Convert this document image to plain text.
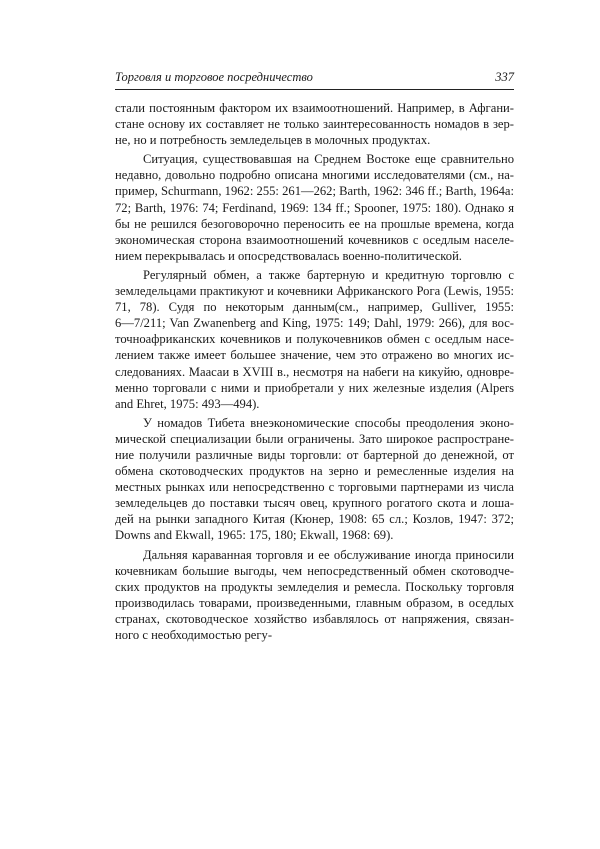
Торговля и торговое посредничество	337
стали постоянным фактором их взаимоотношений. Например, в Афгани-
стане основу их составляет не только заинтересованность номадов в зер-
не, но и потребность земледельцев в молочных продуктах.
Ситуация, существовавшая на Среднем Востоке еще сравнительно
недавно, довольно подробно описана многими исследователями (см., на-
пример, Schurmann, 1962: 255: 261—262; Barth, 1962: 346 ff.; Barth, 1964a:
72; Barth, 1976: 74; Ferdinand, 1969: 134 ff.; Spooner, 1975: 180). Однако я
бы не решился безоговорочно переносить ее на прошлые времена, когда
экономическая сторона взаимоотношений кочевников с оседлым населе-
нием перекрывалась и опосредствовалась военно-политической.
Регулярный обмен, а также бартерную и кредитную торговлю с
земледельцами практикуют и кочевники Африканского Рога (Lewis, 1955:
71, 78). Судя по некоторым данным(см., например, Gulliver, 1955:
6—7/211; Van Zwanenberg and King, 1975: 149; Dahl, 1979: 266), для вос-
точноафриканских кочевников и полукочевников обмен с оседлым насе-
лением также имеет большее значение, чем это отражено во многих ис-
следованиях. Маасаи в XVIII в., несмотря на набеги на кикуйю, одновре-
менно торговали с ними и приобретали у них железные изделия (Alpers
and Ehret, 1975: 493—494).
У номадов Тибета внеэкономические способы преодоления эконо-
мической специализации были ограничены. Зато широкое распростране-
ние получили различные виды торговли: от бартерной до денежной, от
обмена скотоводческих продуктов на зерно и ремесленные изделия на
местных рынках или непосредственно с торговыми партнерами из числа
земледельцев до поставки тысяч овец, крупного рогатого скота и лоша-
дей на рынки западного Китая (Кюнер, 1908: 65 сл.; Козлов, 1947: 372;
Downs and Ekwall, 1965: 175, 180; Ekwall, 1968: 69).
Дальняя караванная торговля и ее обслуживание иногда приносили
кочевникам большие выгоды, чем непосредственный обмен скотоводче-
ских продуктов на продукты земледелия и ремесла. Поскольку торговля
производилась товарами, произведенными, главным образом, в оседлых
странах, скотоводческое хозяйство избавлялось от напряжения, связан-
ного с необходимостью регу-
